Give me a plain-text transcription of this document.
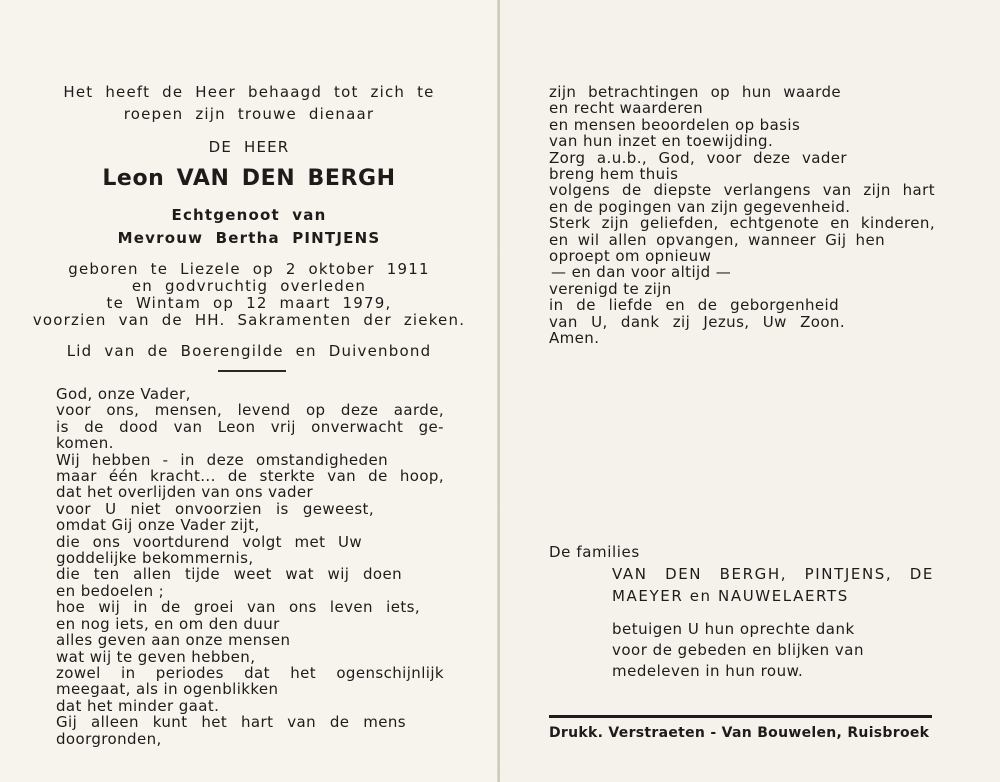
Het heeft de Heer behaagd tot zich te
roepen zijn trouwe dienaar
DE HEER
Leon VAN DEN BERGH
Echtgenoot van
Mevrouw Bertha PINTJENS
geboren te Liezele op 2 oktober 1911
en godvruchtig overleden
te Wintam op 12 maart 1979,
voorzien van de HH. Sakramenten der zieken.
Lid van de Boerengilde en Duivenbond
God, onze Vader,
voor ons, mensen, levend op deze aarde,
is de dood van Leon vrij onverwacht ge-
komen.
Wij hebben - in deze omstandigheden
maar één kracht... de sterkte van de hoop,
dat het overlijden van ons vader
voor U niet onvoorzien is geweest,
omdat Gij onze Vader zijt,
die ons voortdurend volgt met Uw
goddelijke bekommernis,
die ten allen tijde weet wat wij doen
en bedoelen ;
hoe wij in de groei van ons leven iets,
en nog iets, en om den duur
alles geven aan onze mensen
wat wij te geven hebben,
zowel in periodes dat het ogenschijnlijk
meegaat, als in ogenblikken
dat het minder gaat.
Gij alleen kunt het hart van de mens
doorgronden,
zijn betrachtingen op hun waarde
en recht waarderen
en mensen beoordelen op basis
van hun inzet en toewijding.
Zorg a.u.b., God, voor deze vader
breng hem thuis
volgens de diepste verlangens van zijn hart
en de pogingen van zijn gegevenheid.
Sterk zijn geliefden, echtgenote en kinderen,
en wil allen opvangen, wanneer Gij hen
oproept om opnieuw
— en dan voor altijd —
verenigd te zijn
in de liefde en de geborgenheid
van U, dank zij Jezus, Uw Zoon.
Amen.
De families
VAN DEN BERGH, PINTJENS, DE
MAEYER en NAUWELAERTS
betuigen U hun oprechte dank
voor de gebeden en blijken van
medeleven in hun rouw.
Drukk. Verstraeten - Van Bouwelen, Ruisbroek
